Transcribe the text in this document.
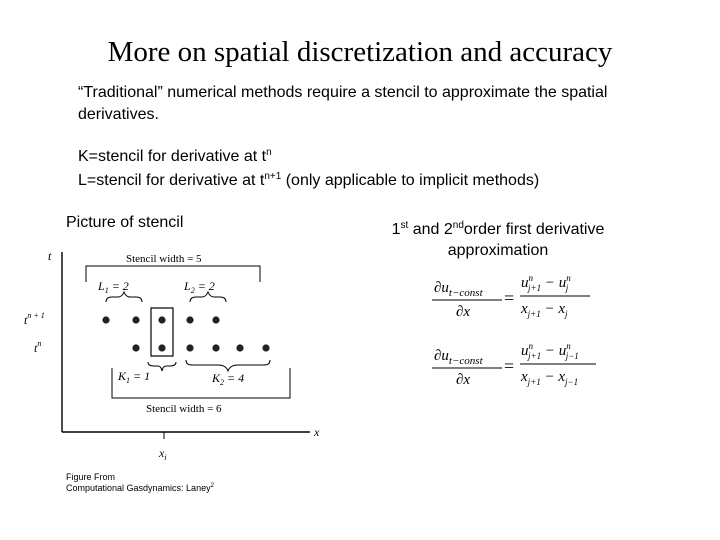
More on spatial discretization and accuracy
“Traditional” numerical methods require a stencil to approximate the spatial derivatives.
K=stencil for derivative at $t^n$
L=stencil for derivative at $t^{n+1}$ (only applicable to implicit methods)
Picture of stencil	1st and 2ndorder first derivative approximation
t
x
$t^{n + 1}$
$t^n$
$x_i$
Stencil width = 5
$L_1 = 2$	$L_2 = 2$
$K_1 = 1$	$K_2 = 4$
Stencil width = 6
Figure From
Computational Gasdynamics: Laney$^2$
$\partial u_{t-const}$
∂x
=
$u^n$ $j+1 - u^n$ j
$x_{j+1} - x_j$
$\partial u_{t-const}$
∂x
=
$u^n$ $j+1 - u^n$ j−1
$x_{j+1} - x_{j-1}$
